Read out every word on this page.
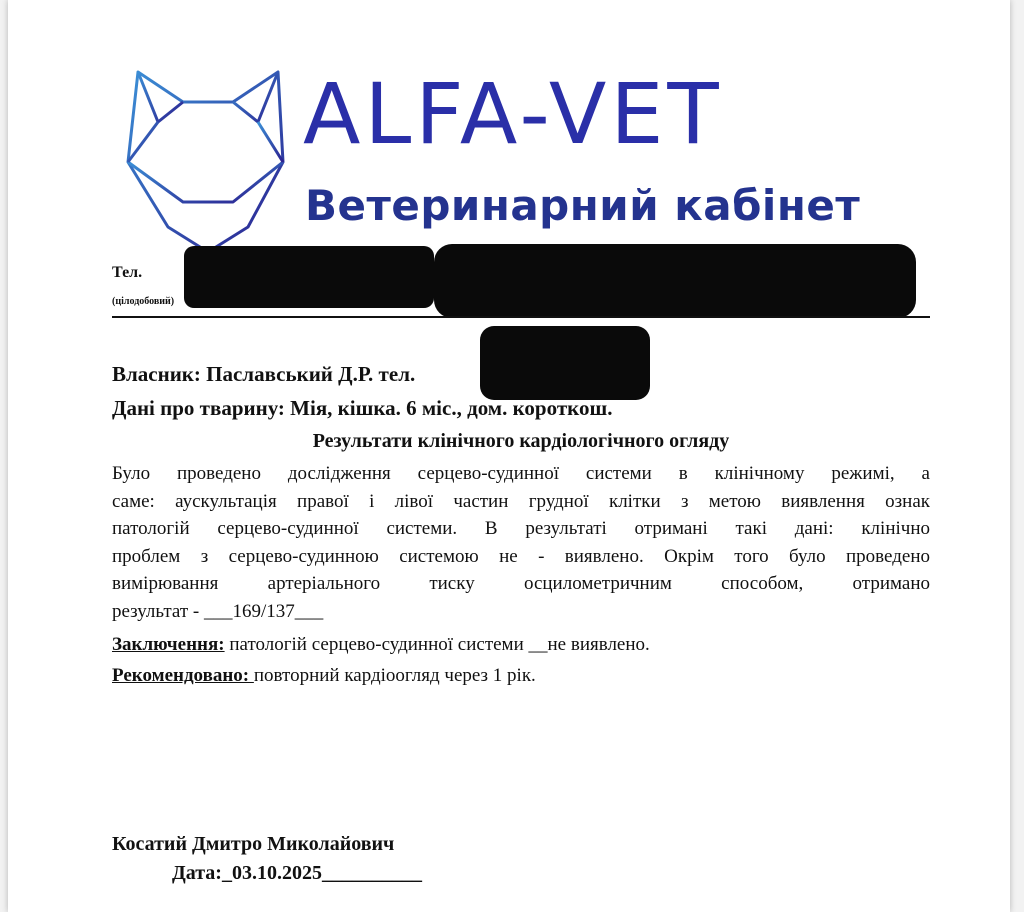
ALFA-VET
Ветеринарний кабінет
Тел.
(цілодобовий)
Власник: Паславський Д.Р. тел.
Дані про тварину: Мія, кішка. 6 міс., дом. короткош.
Результати клінічного кардіологічного огляду
Було проведено дослідження серцево-судинної системи в клінічному режимі, а
саме: аускультація правої і лівої частин грудної клітки з метою виявлення ознак
патологій серцево-судинної системи. В результаті отримані такі дані: клінічно
проблем з серцево-судинною системою не - виявлено. Окрім того було проведено
вимірювання артеріального тиску осцилометричним способом, отримано
результат - ___169/137___
Заключення: патологій серцево-судинної системи __не виявлено.
Рекомендовано: повторний кардіоогляд через 1 рік.
Косатий Дмитро Миколайович
Дата:_03.10.2025__________
